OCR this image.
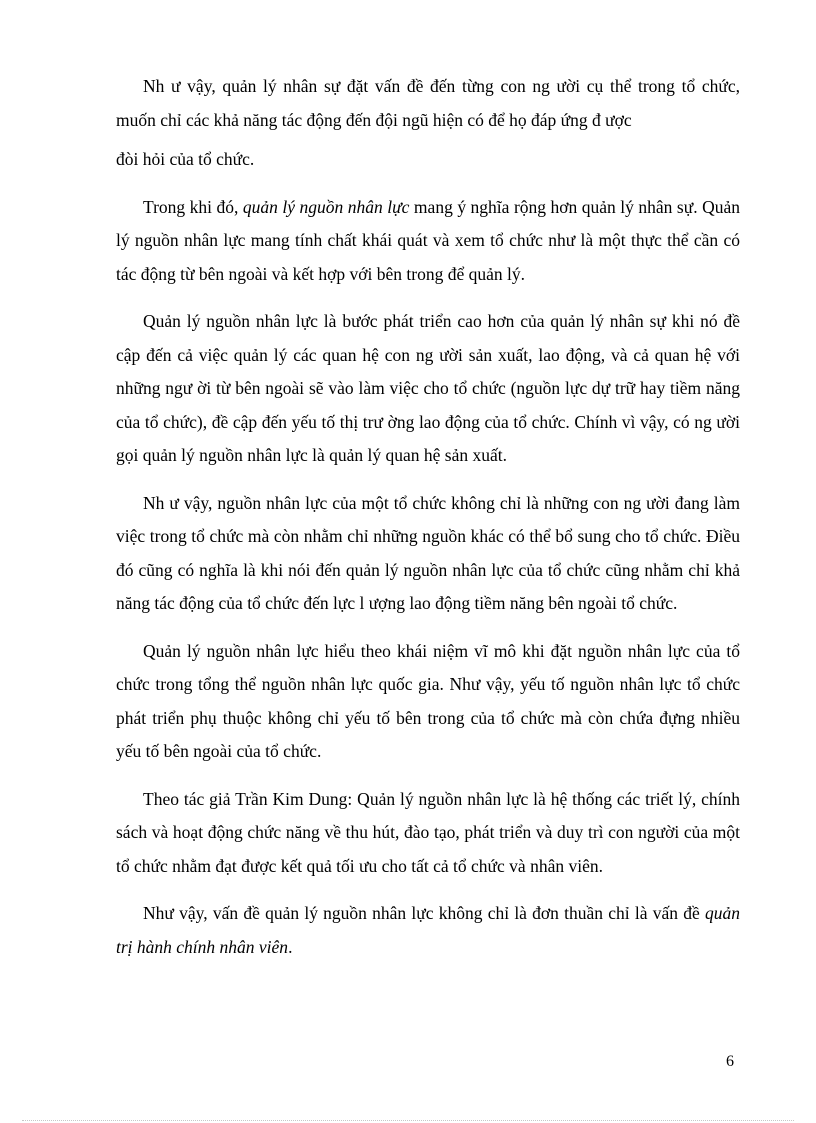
Nh ư vậy, quản lý nhân sự đặt vấn đề đến từng con ng ười cụ thể trong tổ chức, muốn chỉ các khả năng tác động đến đội ngũ hiện có để họ đáp ứng đ ược

đòi hỏi của tổ chức.

Trong khi đó, quản lý nguồn nhân lực mang ý nghĩa rộng hơn quản lý nhân sự. Quản lý nguồn nhân lực mang tính chất khái quát và xem tổ chức như là một thực thể cần có tác động từ bên ngoài và kết hợp với bên trong để quản lý.

Quản lý nguồn nhân lực là bước phát triển cao hơn của quản lý nhân sự khi nó đề cập đến cả việc quản lý các quan hệ con ng ười sản xuất, lao động, và cả quan hệ với những ngư ời từ bên ngoài sẽ vào làm việc cho tổ chức (nguồn lực dự trữ hay tiềm năng của tổ chức), đề cập đến yếu tố thị trư ờng lao động của tổ chức. Chính vì vậy, có ng ười gọi quản lý nguồn nhân lực là quản lý quan hệ sản xuất.

Nh ư vậy, nguồn nhân lực của một tổ chức không chỉ là những con ng ười đang làm việc trong tổ chức mà còn nhằm chỉ những nguồn khác có thể bổ sung cho tổ chức. Điều đó cũng có nghĩa là khi nói đến quản lý nguồn nhân lực của tổ chức cũng nhằm chỉ khả năng tác động của tổ chức đến lực l ượng lao động tiềm năng bên ngoài tổ chức.

Quản lý nguồn nhân lực hiểu theo khái niệm vĩ mô khi đặt nguồn nhân lực của tổ chức trong tổng thể nguồn nhân lực quốc gia. Như vậy, yếu tố nguồn nhân lực tổ chức phát triển phụ thuộc không chỉ yếu tố bên trong của tổ chức mà còn chứa đựng nhiều yếu tố bên ngoài của tổ chức.

Theo tác giả Trần Kim Dung: Quản lý nguồn nhân lực là hệ thống các triết lý, chính sách và hoạt động chức năng về thu hút, đào tạo, phát triển và duy trì con người của một tổ chức nhằm đạt được kết quả tối ưu cho tất cả tổ chức và nhân viên.

Như vậy, vấn đề quản lý nguồn nhân lực không chỉ là đơn thuần chỉ là vấn đề quản trị hành chính nhân viên.

6
